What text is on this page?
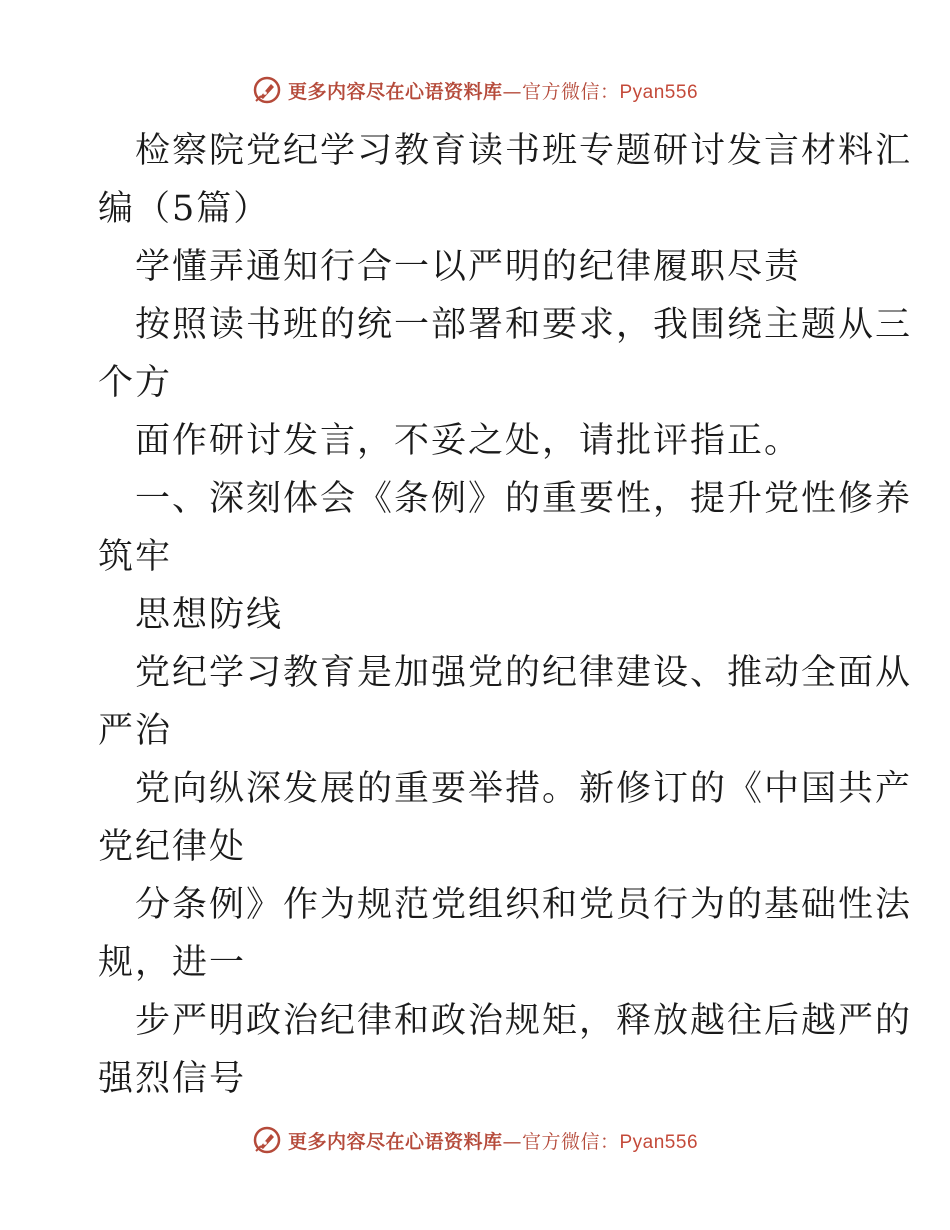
更多内容尽在心语资料库—官方微信：Pyan556
检察院党纪学习教育读书班专题研讨发言材料汇
编（5篇）
学懂弄通知行合一以严明的纪律履职尽责
按照读书班的统一部署和要求，我围绕主题从三
个方
面作研讨发言，不妥之处，请批评指正。
一、深刻体会《条例》的重要性，提升党性修养
筑牢
思想防线
党纪学习教育是加强党的纪律建设、推动全面从
严治
党向纵深发展的重要举措。新修订的《中国共产
党纪律处
分条例》作为规范党组织和党员行为的基础性法
规，进一
步严明政治纪律和政治规矩，释放越往后越严的
强烈信号
更多内容尽在心语资料库—官方微信：Pyan556
